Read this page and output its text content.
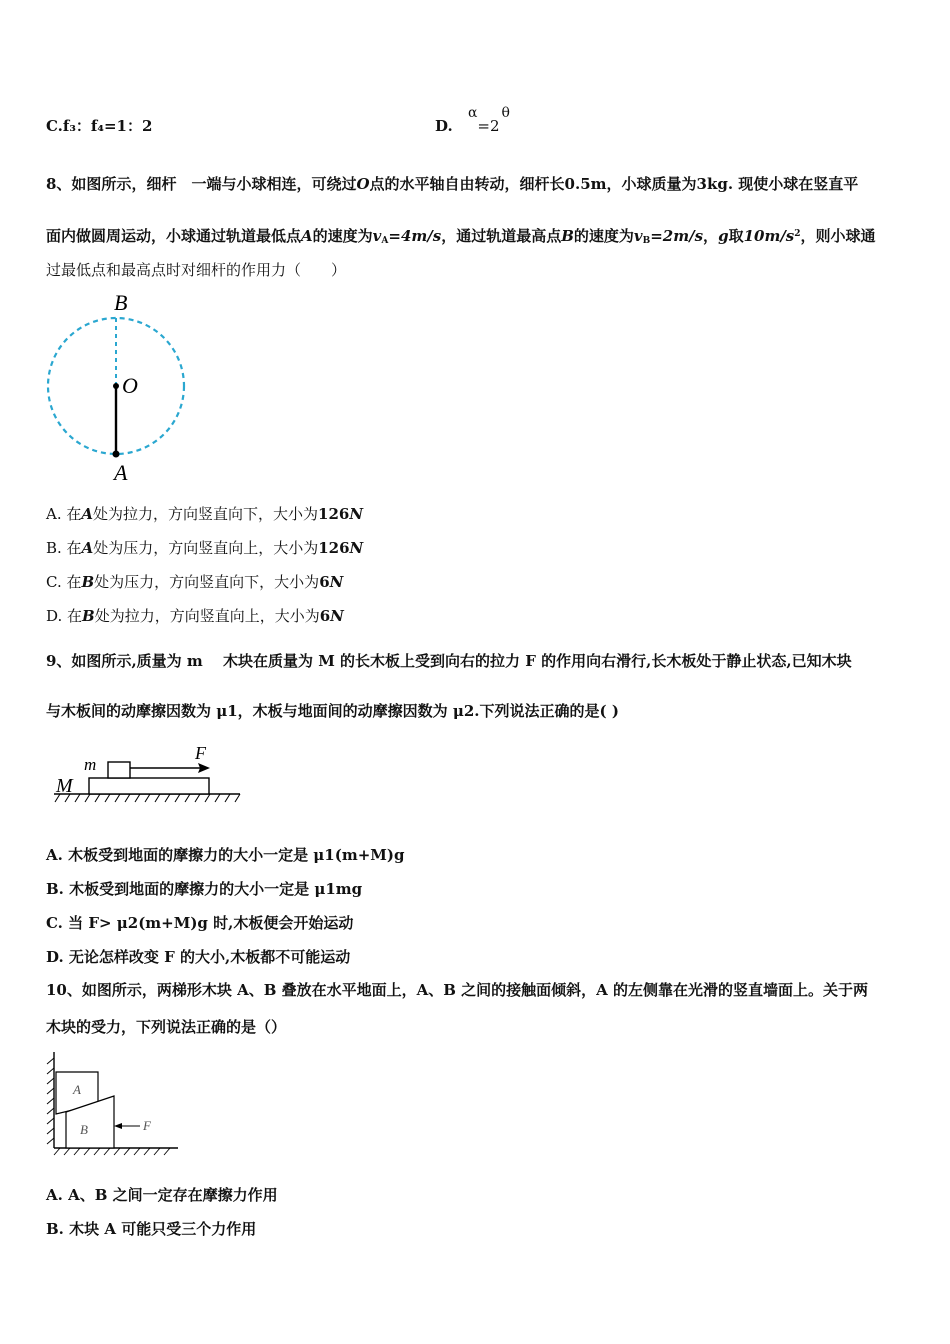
C.f₃：f₄=1：2	D. α=2θ
8、如图所示，细杆　一端与小球相连，可绕过O点的水平轴自由转动，细杆长0.5m，小球质量为3kg. 现使小球在竖直平
面内做圆周运动，小球通过轨道最低点A的速度为$v_A=4m/s$，通过轨道最高点B的速度为$v_B=2m/s$，g取$10m/s^2$，则小球通
过最低点和最高点时对细杆的作用力（　　）
B
O
A
A. 在A处为拉力，方向竖直向下，大小为126N
B. 在A处为压力，方向竖直向上，大小为126N
C. 在B处为压力，方向竖直向下，大小为6N
D. 在B处为拉力，方向竖直向上，大小为6N
9、如图所示,质量为 m　 木块在质量为 M 的长木板上受到向右的拉力 F 的作用向右滑行,长木板处于静止状态,已知木块
与木板间的动摩擦因数为 μ1，木板与地面间的动摩擦因数为 μ2.下列说法正确的是( )
m
M
F
A. 木板受到地面的摩擦力的大小一定是 μ1(m+M)g
B. 木板受到地面的摩擦力的大小一定是 μ1mg
C. 当 F> μ2(m+M)g 时,木板便会开始运动
D. 无论怎样改变 F 的大小,木板都不可能运动
10、如图所示，两梯形木块 A、B 叠放在水平地面上，A、B 之间的接触面倾斜，A 的左侧靠在光滑的竖直墙面上。关于两
木块的受力，下列说法正确的是（）
A
B	F
A. A、B 之间一定存在摩擦力作用
B. 木块 A 可能只受三个力作用
